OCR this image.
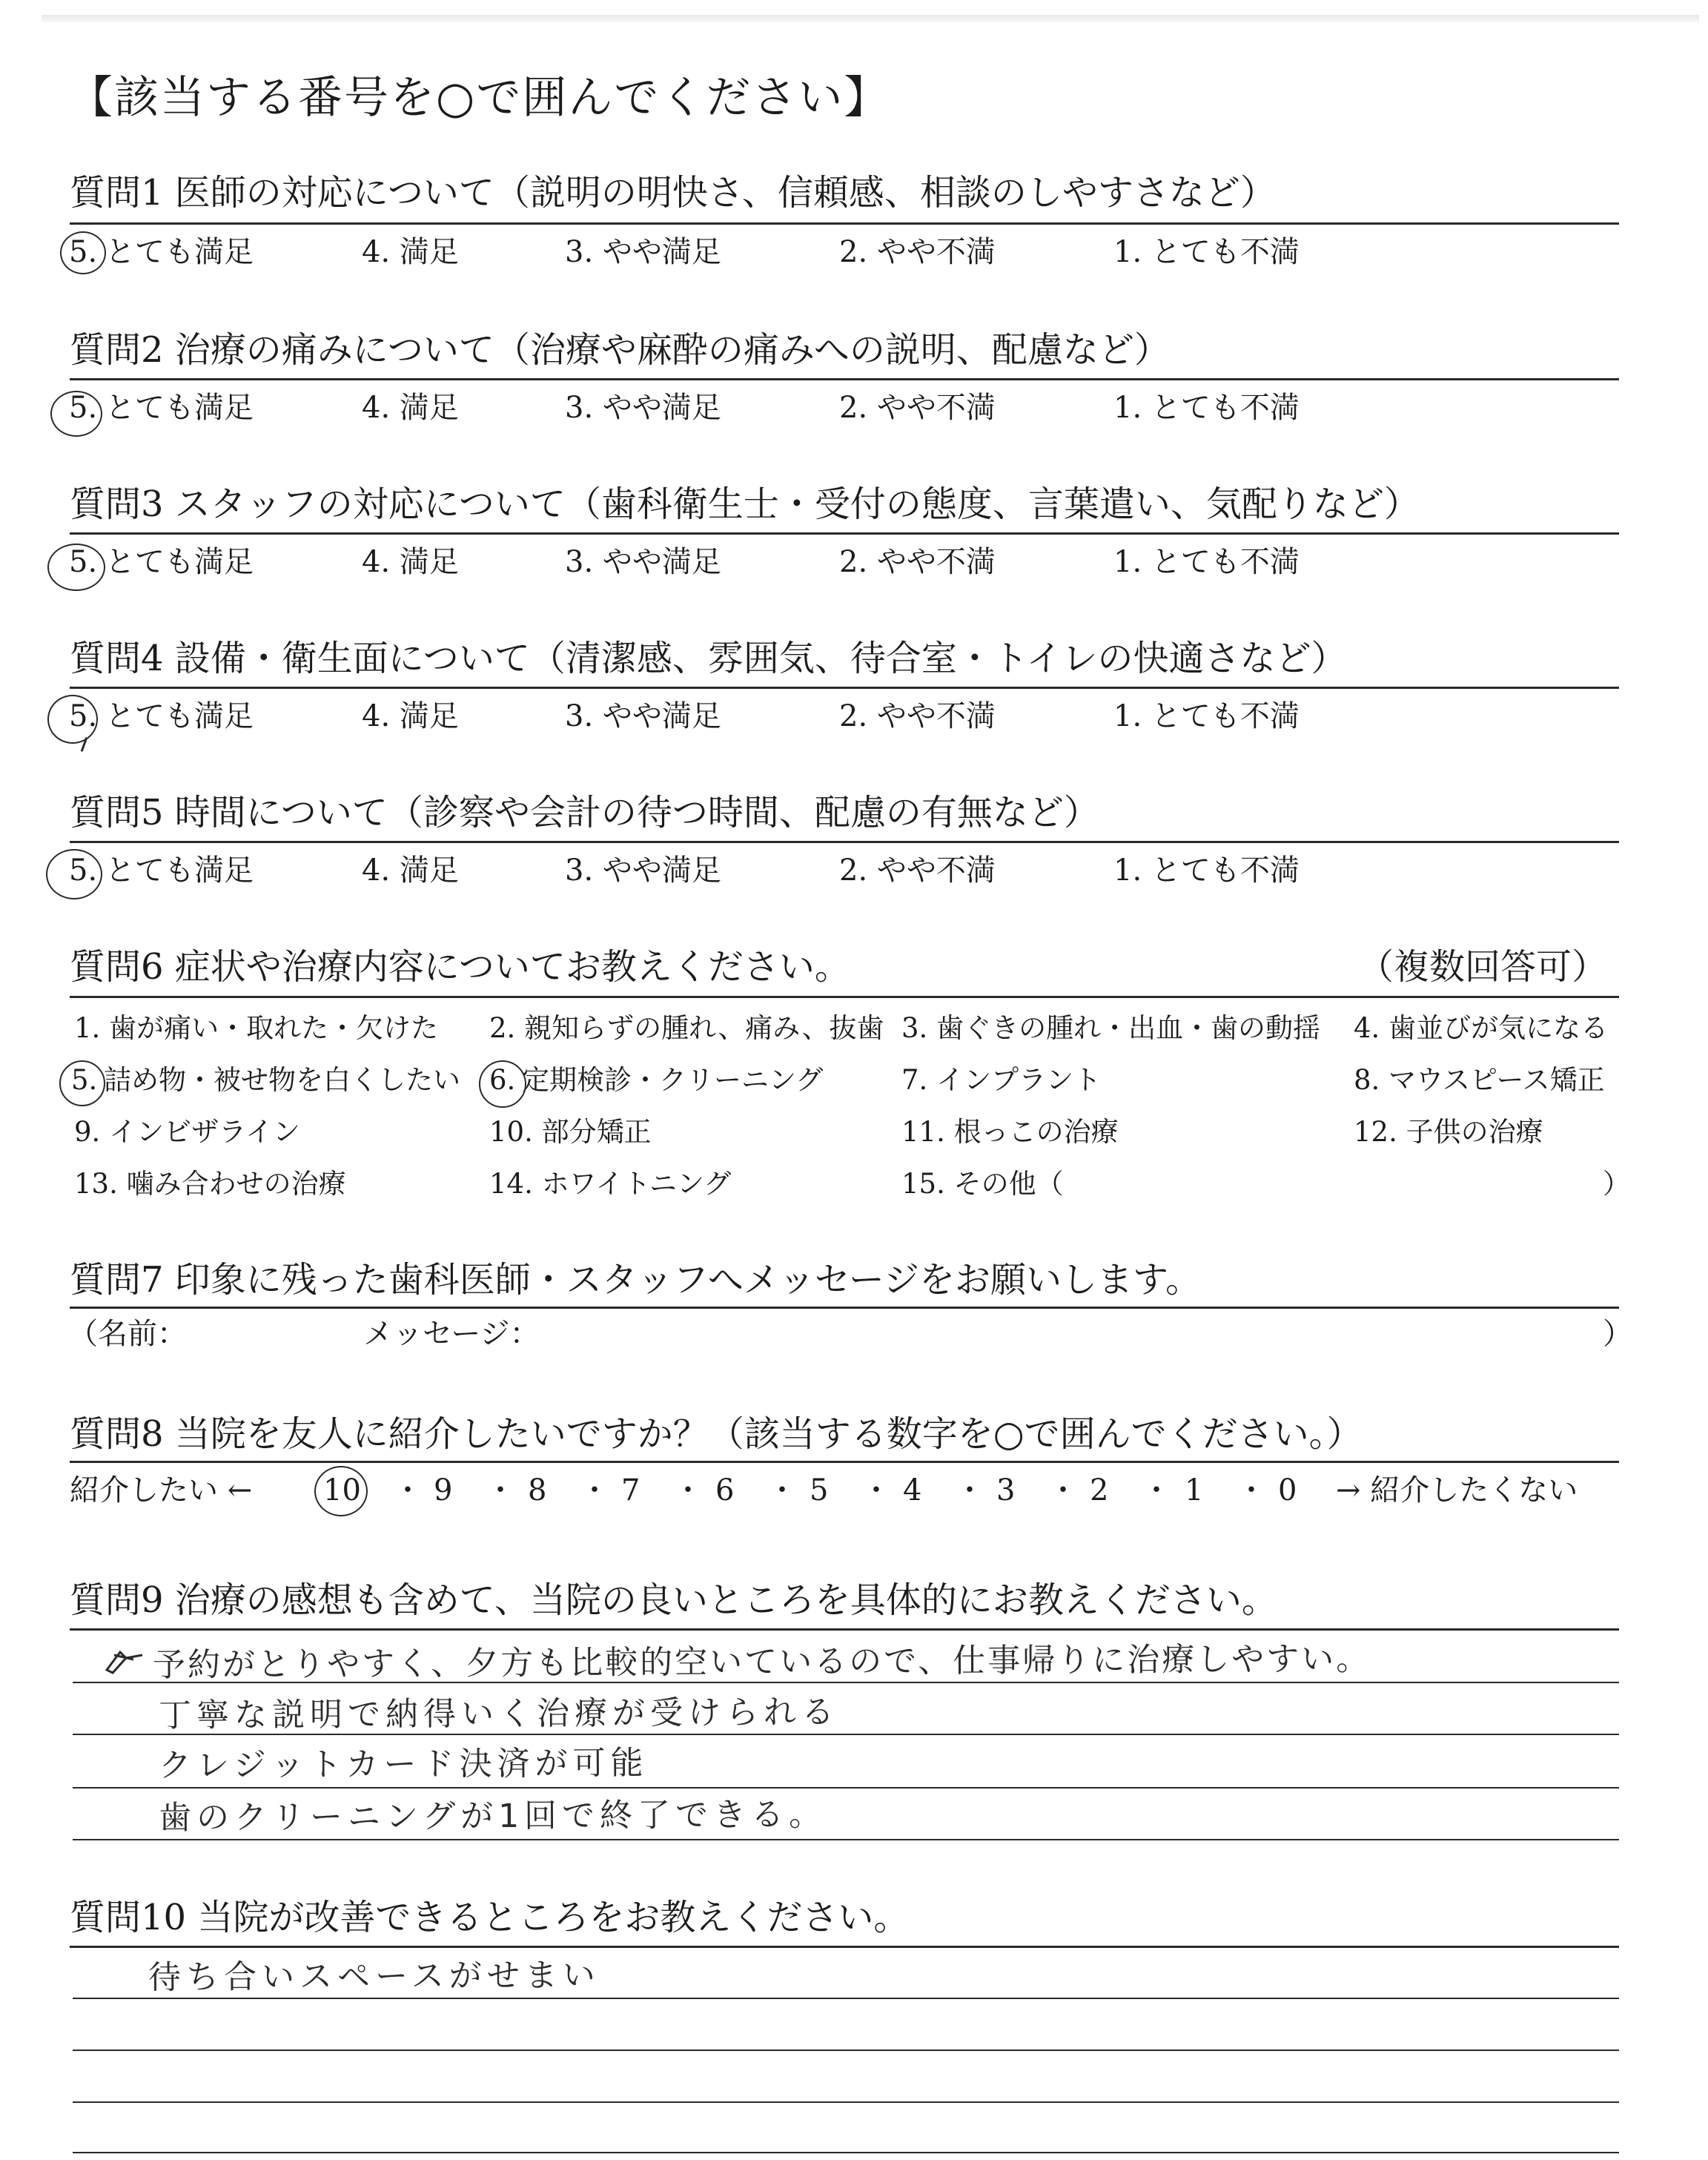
【該当する番号を○で囲んでください】
質問1 医師の対応について（説明の明快さ、信頼感、相談のしやすさなど）
5. とても満足	4. 満足	3. やや満足	2. やや不満	1. とても不満
質問2 治療の痛みについて（治療や麻酔の痛みへの説明、配慮など）
5. とても満足	4. 満足	3. やや満足	2. やや不満	1. とても不満
質問3 スタッフの対応について（歯科衛生士・受付の態度、言葉遣い、気配りなど）
5. とても満足	4. 満足	3. やや満足	2. やや不満	1. とても不満
質問4 設備・衛生面について（清潔感、雰囲気、待合室・トイレの快適さなど）
5. とても満足	4. 満足	3. やや満足	2. やや不満	1. とても不満
質問5 時間について（診察や会計の待つ時間、配慮の有無など）
5. とても満足	4. 満足	3. やや満足	2. やや不満	1. とても不満
質問6 症状や治療内容についてお教えください。	（複数回答可）
1. 歯が痛い・取れた・欠けた 2. 親知らずの腫れ、痛み、抜歯 3. 歯ぐきの腫れ・出血・歯の動揺 4. 歯並びが気になる
5. 詰め物・被せ物を白くしたい 6. 定期検診・クリーニング	7. インプラント	8. マウスピース矯正
9. インビザライン	10. 部分矯正	11. 根っこの治療	12. 子供の治療
13. 噛み合わせの治療	14. ホワイトニング	15. その他（	）
質問7 印象に残った歯科医師・スタッフへメッセージをお願いします。
（名前：	メッセージ：	）
質問8 当院を友人に紹介したいですか？（該当する数字を○で囲んでください。）
紹介したい ← 10 ・ 9 ・ 8 ・ 7 ・ 6 ・ 5 ・ 4 ・ 3 ・ 2 ・ 1 ・ 0 → 紹介したくない
質問9 治療の感想も含めて、当院の良いところを具体的にお教えください。
予約がとりやすく、夕方も比較的空いているので、仕事帰りに治療しやすい。
丁寧な説明で納得いく治療が受けられる
クレジットカード決済が可能
歯のクリーニングが1回で終了できる。
質問10 当院が改善できるところをお教えください。
待ち合いスペースがせまい
